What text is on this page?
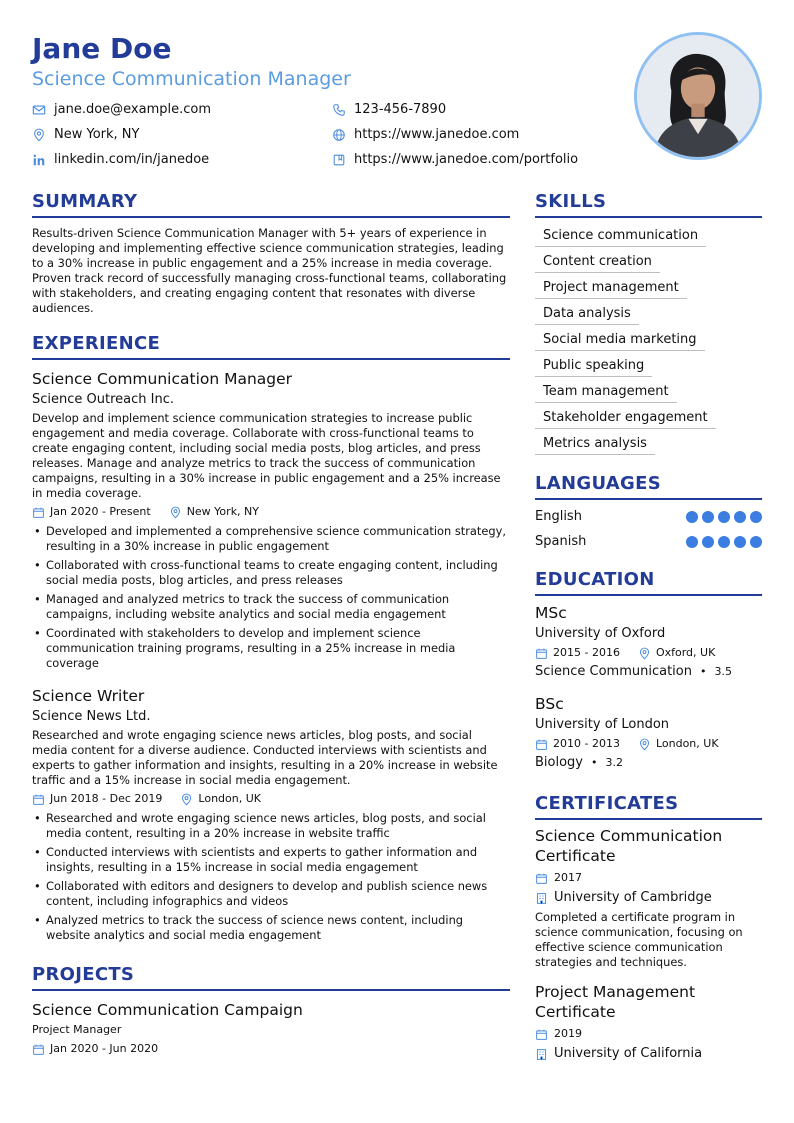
Jane Doe
Science Communication Manager
jane.doe@example.com	123-456-7890
New York, NY	https://www.janedoe.com
linkedin.com/in/janedoe	https://www.janedoe.com/portfolio
SUMMARY

Results-driven Science Communication Manager with 5+ years of experience in developing and implementing effective science communication strategies, leading to a 30% increase in public engagement and a 25% increase in media coverage. Proven track record of successfully managing cross-functional teams, collaborating with stakeholders, and creating engaging content that resonates with diverse audiences.

EXPERIENCE
Science Communication Manager
Science Outreach Inc.

Develop and implement science communication strategies to increase public engagement and media coverage. Collaborate with cross-functional teams to create engaging content, including social media posts, blog articles, and press releases. Manage and analyze metrics to track the success of communication campaigns, resulting in a 30% increase in public engagement and a 25% increase in media coverage.

Jan 2020 - Present	New York, NY
• Developed and implemented a comprehensive science communication strategy, resulting in a 30% increase in public engagement
• Collaborated with cross-functional teams to create engaging content, including social media posts, blog articles, and press releases
• Managed and analyzed metrics to track the success of communication campaigns, including website analytics and social media engagement
• Coordinated with stakeholders to develop and implement science communication training programs, resulting in a 25% increase in media coverage
Science Writer
Science News Ltd.

Researched and wrote engaging science news articles, blog posts, and social media content for a diverse audience. Conducted interviews with scientists and experts to gather information and insights, resulting in a 20% increase in website traffic and a 15% increase in social media engagement.

Jun 2018 - Dec 2019	London, UK
• Researched and wrote engaging science news articles, blog posts, and social media content, resulting in a 20% increase in website traffic
• Conducted interviews with scientists and experts to gather information and insights, resulting in a 15% increase in social media engagement
• Collaborated with editors and designers to develop and publish science news content, including infographics and videos
• Analyzed metrics to track the success of science news content, including website analytics and social media engagement
PROJECTS
Science Communication Campaign
Project Manager
Jan 2020 - Jun 2020
SKILLS
Science communication
Content creation
Project management
Data analysis
Social media marketing
Public speaking
Team management
Stakeholder engagement
Metrics analysis
LANGUAGES
English
Spanish
EDUCATION
MSc
University of Oxford
2015 - 2016	Oxford, UK
Science Communication • 3.5
BSc
University of London
2010 - 2013	London, UK
Biology • 3.2
CERTIFICATES
Science Communication Certificate
2017
University of Cambridge

Completed a certificate program in science communication, focusing on effective science communication strategies and techniques.

Project Management Certificate
2019
University of California
